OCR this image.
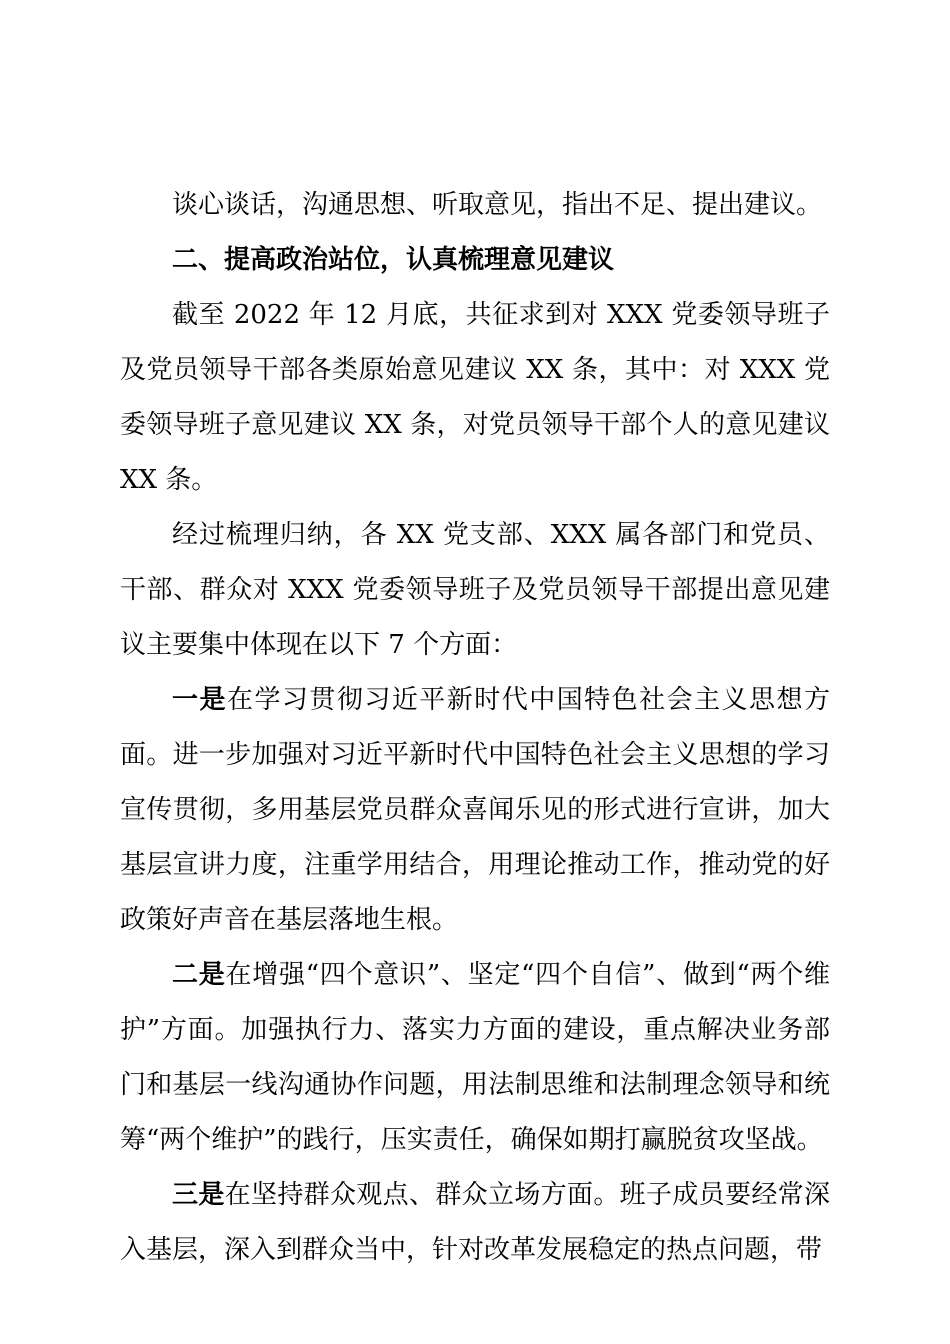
谈心谈话，沟通思想、听取意见，指出不足、提出建议。

二、提高政治站位，认真梳理意见建议

截至 2022 年 12 月底，共征求到对 XXX 党委领导班子及党员领导干部各类原始意见建议 XX 条，其中：对 XXX 党委领导班子意见建议 XX 条，对党员领导干部个人的意见建议 XX 条。

经过梳理归纳，各 XX 党支部、XXX 属各部门和党员、干部、群众对 XXX 党委领导班子及党员领导干部提出意见建议主要集中体现在以下 7 个方面：

一是在学习贯彻习近平新时代中国特色社会主义思想方面。进一步加强对习近平新时代中国特色社会主义思想的学习宣传贯彻，多用基层党员群众喜闻乐见的形式进行宣讲，加大基层宣讲力度，注重学用结合，用理论推动工作，推动党的好政策好声音在基层落地生根。

二是在增强“四个意识”、坚定“四个自信”、做到“两个维护”方面。加强执行力、落实力方面的建设，重点解决业务部门和基层一线沟通协作问题，用法制思维和法制理念领导和统筹“两个维护”的践行，压实责任，确保如期打赢脱贫攻坚战。

三是在坚持群众观点、群众立场方面。班子成员要经常深入基层，深入到群众当中，针对改革发展稳定的热点问题，带
